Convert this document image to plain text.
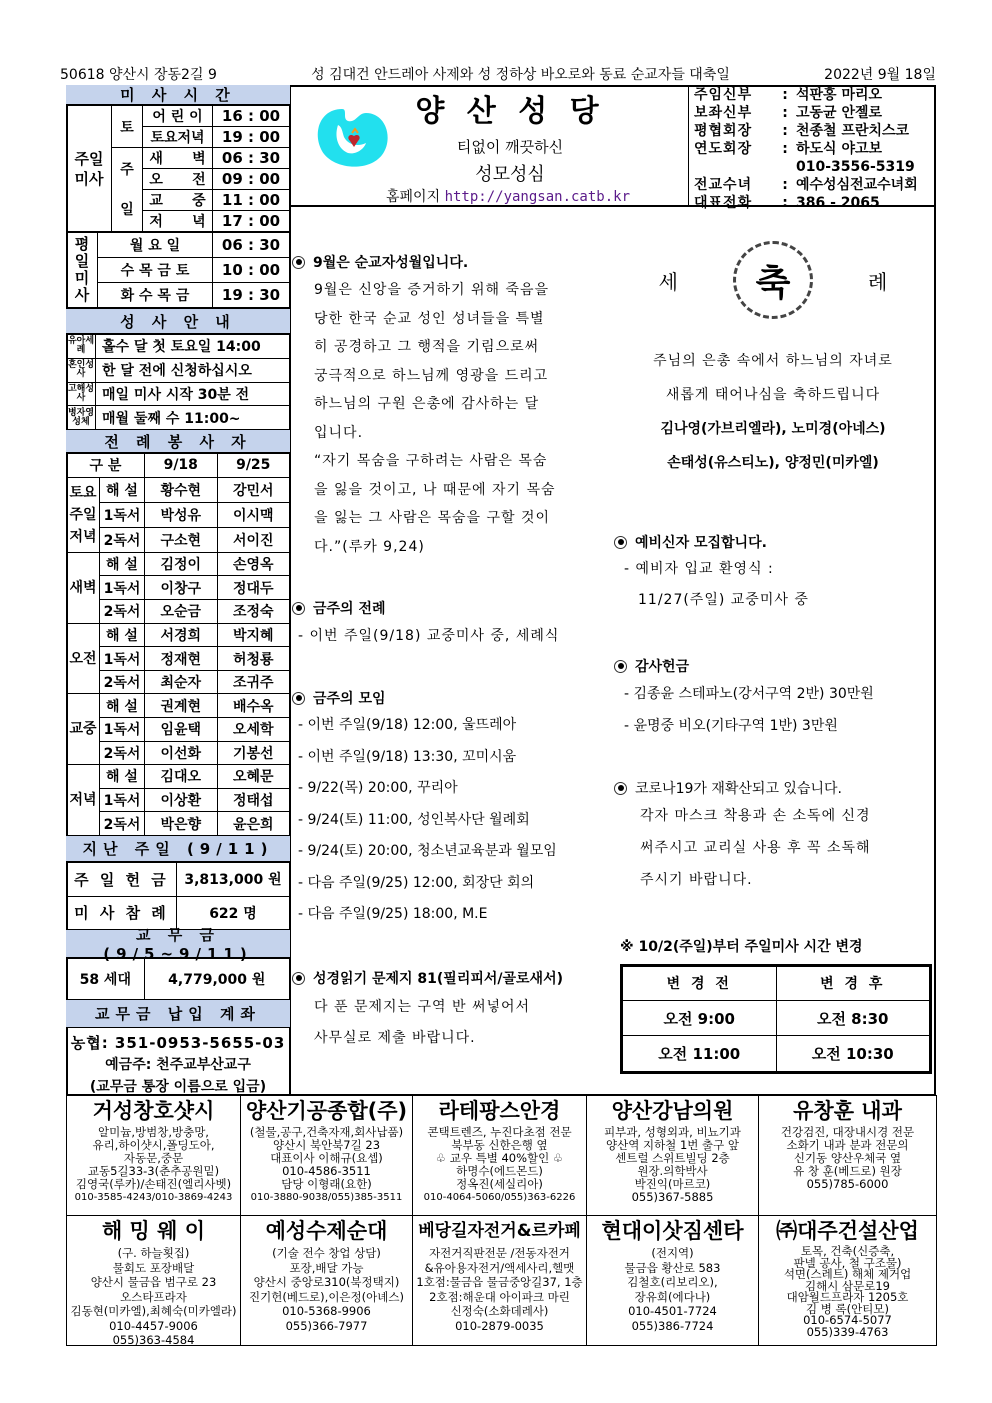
50618 양산시 장동2길 9	성 김대건 안드레아 사제와 성 정하상 바오로와 동료 순교자들 대축일	2022년 9월 18일
양 산 성 당
티없이 깨끗하신
성모성심
홈페이지 http://yangsan.catb.kr
주임신부	: 석판홍 마리오
보좌신부	: 고동균 안젤로
평협회장	: 천종철 프란치스코
연도회장	: 하도식 야고보
010-3556-5319
전교수녀	: 예수성심전교수녀회
대표전화	: 386 - 2065
미 사 시 간
주일미사	토	어 린 이	16 : 00
		토요저녁	19 : 00
	주일	새      벽	06 : 30
		오      전	09 : 00
		교      중	11 : 00
		저      녁	17 : 00
평일미사	월 요 일	06 : 30
	수 목 금 토	10 : 00
	화 수 목 금	19 : 30
성 사 안 내
유아세례	홀수 달 첫 토요일 14:00
혼인성사	한 달 전에 신청하십시오
고해성사	매일 미사 시작 30분 전
병자영성체	매월 둘째 수 11:00~
전 례 봉 사 자
구 분		9/18	9/25
토요주일저녁	해 설	황수현	강민서
	1독서	박성유	이시맥
	2독서	구소현	서이진
새벽	해 설	김정이	손영옥
	1독서	이창구	정대두
	2독서	오순금	조정숙
오전	해 설	서경희	박지혜
	1독서	정재현	허청룡
	2독서	최순자	조귀주
교중	해 설	권계현	배수옥
	1독서	임윤택	오세학
	2독서	이선화	기봉선
저녁	해 설	김대오	오혜문
	1독서	이상환	정태섭
	2독서	박은향	윤은희
지난 주일 (9/11)
주 일 헌 금	3,813,000 원
미 사 참 례	622 명
교 무 금 (9/5~9/11)
58 세대	4,779,000 원
교무금 납입 계좌
농협: 351-0953-5655-03
예금주: 천주교부산교구
(교무금 통장 이름으로 입금)
9월은 순교자성월입니다.
9월은 신앙을 증거하기 위해 죽음을
당한 한국 순교 성인 성녀들을 특별
히 공경하고 그 행적을 기림으로써
궁극적으로 하느님께 영광을 드리고
하느님의 구원 은총에 감사하는 달
입니다.
“자기 목숨을 구하려는 사람은 목숨
을 잃을 것이고, 나 때문에 자기 목숨
을 잃는 그 사람은 목숨을 구할 것이
다.”(루카 9,24)
금주의 전례
- 이번 주일(9/18) 교중미사 중, 세례식
금주의 모임
- 이번 주일(9/18) 12:00, 울뜨레아
- 이번 주일(9/18) 13:30, 꼬미시움
- 9/22(목) 20:00, 꾸리아
- 9/24(토) 11:00, 성인복사단 월례회
- 9/24(토) 20:00, 청소년교육분과 월모임
- 다음 주일(9/25) 12:00, 회장단 회의
- 다음 주일(9/25) 18:00, M.E
성경읽기 문제지 81(필리피서/골로새서)
다 푼 문제지는 구역 반 써넣어서
사무실로 제출 바랍니다.
세	축	례
주님의 은총 속에서 하느님의 자녀로
새롭게 태어나심을 축하드립니다
김나영(가브리엘라), 노미경(아네스)
손태성(유스티노), 양정민(미카엘)
예비신자 모집합니다.
- 예비자 입교 환영식 :
11/27(주일) 교중미사 중
감사헌금
- 김종윤 스테파노(강서구역 2반) 30만원
- 윤명중 비오(기타구역 1반) 3만원
코로나19가 재확산되고 있습니다.
각자 마스크 착용과 손 소독에 신경
써주시고 교리실 사용 후 꼭 소독해
주시기 바랍니다.
※ 10/2(주일)부터 주일미사 시간 변경
변 경 전	변 경 후
오전 9:00	오전 8:30
오전 11:00	오전 10:30
거성창호샷시
알미늄,방범창,방충망,
유리,하이샷시,폴딩도아,
자동문,중문
교동5길33-3(춘추공원밑)
김영국(루카)/손태진(엘리사벳)
010-3585-4243/010-3869-4243
양산기공종합(주)
(철물,공구,건축자재,회사납품)
양산시 북안북7길 23
대표이사 이해규(요셉)
010-4586-3511
담당 이형래(요한)
010-3880-9038/055)385-3511
라테팡스안경
콘택트렌즈, 누진다초점 전문
북부동 신한은행 옆
♧ 교우 특별 40%할인 ♧
하명수(에드몬드)
정옥진(세실리아)
010-4064-5060/055)363-6226
양산강남의원
피부과, 성형외과, 비뇨기과
양산역 지하철 1번 출구 앞
센트럴 스위트빌딩 2층
원장.의학박사
박진익(마르코)
055)367-5885
유창훈 내과
건강검진, 대장내시경 전문
소화기 내과 분과 전문의
신기동 양산우체국 옆
유 창 훈(베드로) 원장
055)785-6000
해 밍 웨 이
(구. 하늘횟집)
물회도 포장배달
양산시 물금읍 범구로 23
오스타프라자
김동현(미카엘),최혜숙(미카엘라)
010-4457-9006
055)363-4584
예성수제순대
(기술 전수 창업 상담)
포장,배달 가능
양산시 중앙로310(북정택지)
진기헌(베드로),이은정(아녜스)
010-5368-9906
055)366-7977
베당길자전거&르카페
자전거직판전문 /전동자전거
&유아용자전거/액세사리,헬맷
1호점:물금읍 물금중앙길37, 1층
2호점:해운대 아이파크 마린
신정숙(소화데레사)
010-2879-0035
현대이삿짐센타
(전지역)
물금읍 황산로 583
김철호(리보리오),
장유희(에다나)
010-4501-7724
055)386-7724
㈜대주건설산업
토목, 건축(신증축,
판넬 공사, 철 구조물)
석면(스레트) 해체 제거업
김해시 삼문로19
대암월드프라자 1205호
김 병 록(안티모)
010-6574-5077
055)339-4763
